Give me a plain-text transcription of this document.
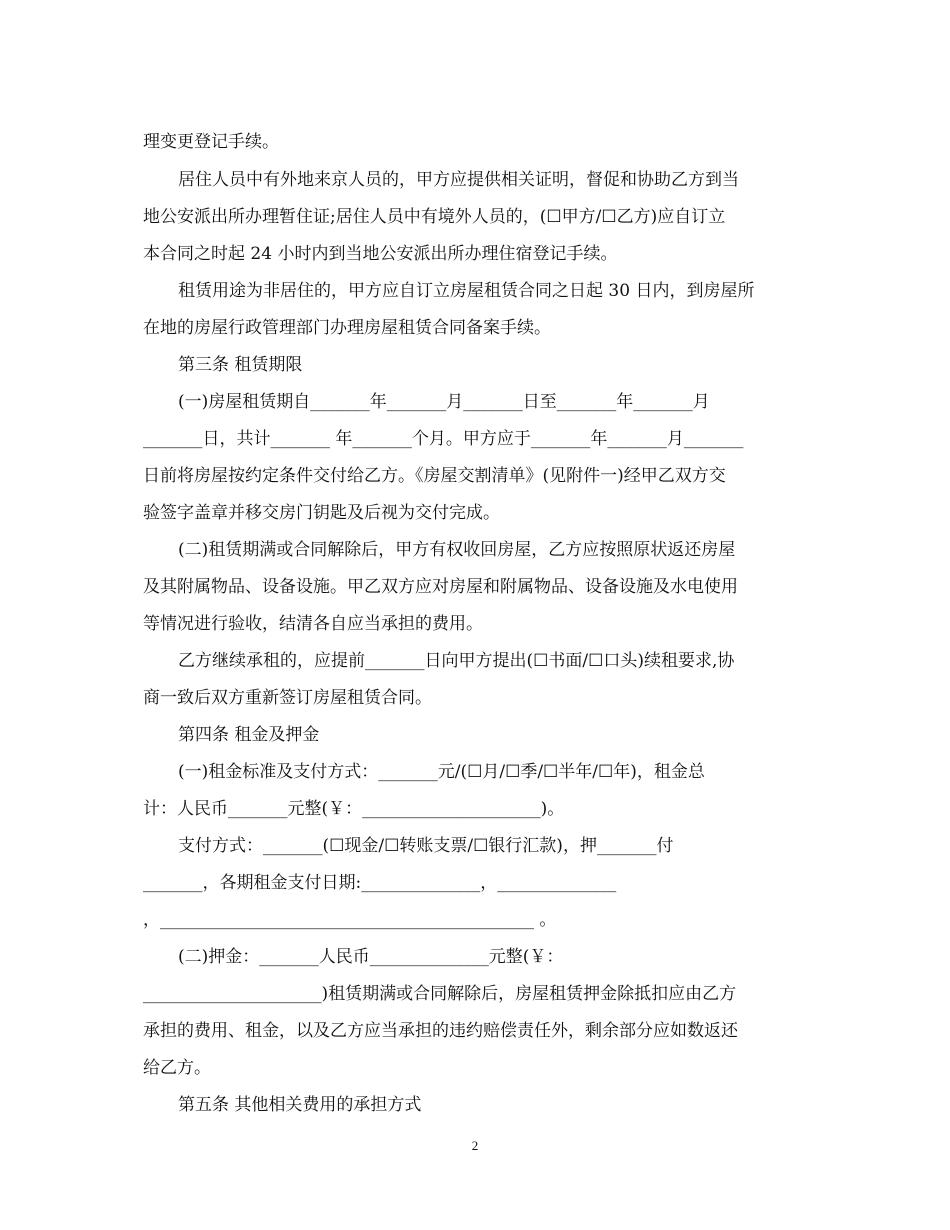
理变更登记手续。
居住人员中有外地来京人员的，甲方应提供相关证明，督促和协助乙方到当
地公安派出所办理暂住证;居住人员中有境外人员的，(☐甲方/☐乙方)应自订立
本合同之时起 24 小时内到当地公安派出所办理住宿登记手续。
租赁用途为非居住的，甲方应自订立房屋租赁合同之日起 30 日内，到房屋所
在地的房屋行政管理部门办理房屋租赁合同备案手续。
第三条 租赁期限
(一)房屋租赁期自_______年_______月_______日至_______年_______月
_______日，共计_______ 年_______个月。甲方应于_______年_______月_______
日前将房屋按约定条件交付给乙方。《房屋交割清单》(见附件一)经甲乙双方交
验签字盖章并移交房门钥匙及后视为交付完成。
(二)租赁期满或合同解除后，甲方有权收回房屋，乙方应按照原状返还房屋
及其附属物品、设备设施。甲乙双方应对房屋和附属物品、设备设施及水电使用
等情况进行验收，结清各自应当承担的费用。
乙方继续承租的，应提前_______日向甲方提出(☐书面/☐口头)续租要求,协
商一致后双方重新签订房屋租赁合同。
第四条 租金及押金
(一)租金标准及支付方式：_______元/(☐月/☐季/☐半年/☐年)，租金总
计：人民币_______元整(￥：_____________________)。
支付方式：_______(☐现金/☐转账支票/☐银行汇款)，押_______付
_______，各期租金支付日期:______________，______________
，____________________________________________ 。
(二)押金：_______人民币______________元整(￥：
_____________________)租赁期满或合同解除后，房屋租赁押金除抵扣应由乙方
承担的费用、租金，以及乙方应当承担的违约赔偿责任外，剩余部分应如数返还
给乙方。
第五条 其他相关费用的承担方式
2
